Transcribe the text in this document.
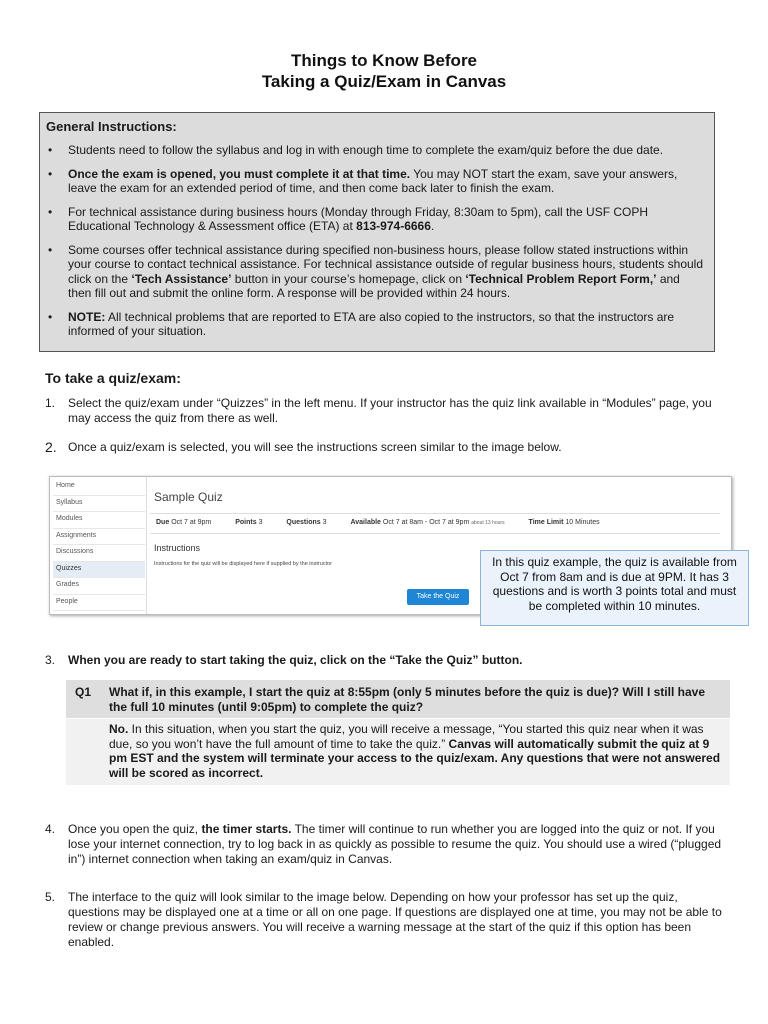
Things to Know Before
Taking a Quiz/Exam in Canvas
General Instructions:
• Students need to follow the syllabus and log in with enough time to complete the exam/quiz before the due date.
• Once the exam is opened, you must complete it at that time. You may NOT start the exam, save your answers, leave the exam for an extended period of time, and then come back later to finish the exam.
• For technical assistance during business hours (Monday through Friday, 8:30am to 5pm), call the USF COPH Educational Technology & Assessment office (ETA) at 813-974-6666.
• Some courses offer technical assistance during specified non-business hours, please follow stated instructions within your course to contact technical assistance. For technical assistance outside of regular business hours, students should click on the ‘Tech Assistance’ button in your course’s homepage, click on ‘Technical Problem Report Form,’ and then fill out and submit the online form. A response will be provided within 24 hours.
• NOTE: All technical problems that are reported to ETA are also copied to the instructors, so that the instructors are informed of your situation.
To take a quiz/exam:
1. Select the quiz/exam under “Quizzes” in the left menu. If your instructor has the quiz link available in “Modules” page, you may access the quiz from there as well.
2. Once a quiz/exam is selected, you will see the instructions screen similar to the image below.
Home
Syllabus
Modules
Assignments
Discussions
Quizzes
Grades
People
Sample Quiz
Due Oct 7 at 9pm	Points 3	Questions 3	Available Oct 7 at 8am - Oct 7 at 9pm about 13 hours	Time Limit 10 Minutes
Instructions
Instructions for the quiz will be displayed here if supplied by the instructor
Take the Quiz
In this quiz example, the quiz is available from Oct 7 from 8am and is due at 9PM. It has 3 questions and is worth 3 points total and must be completed within 10 minutes.
3. When you are ready to start taking the quiz, click on the “Take the Quiz” button.
Q1 What if, in this example, I start the quiz at 8:55pm (only 5 minutes before the quiz is due)? Will I still have the full 10 minutes (until 9:05pm) to complete the quiz?
No. In this situation, when you start the quiz, you will receive a message, “You started this quiz near when it was due, so you won’t have the full amount of time to take the quiz.” Canvas will automatically submit the quiz at 9 pm EST and the system will terminate your access to the quiz/exam. Any questions that were not answered will be scored as incorrect.
4. Once you open the quiz, the timer starts. The timer will continue to run whether you are logged into the quiz or not. If you lose your internet connection, try to log back in as quickly as possible to resume the quiz. You should use a wired (“plugged in”) internet connection when taking an exam/quiz in Canvas.
5. The interface to the quiz will look similar to the image below. Depending on how your professor has set up the quiz, questions may be displayed one at a time or all on one page. If questions are displayed one at time, you may not be able to review or change previous answers. You will receive a warning message at the start of the quiz if this option has been enabled.
